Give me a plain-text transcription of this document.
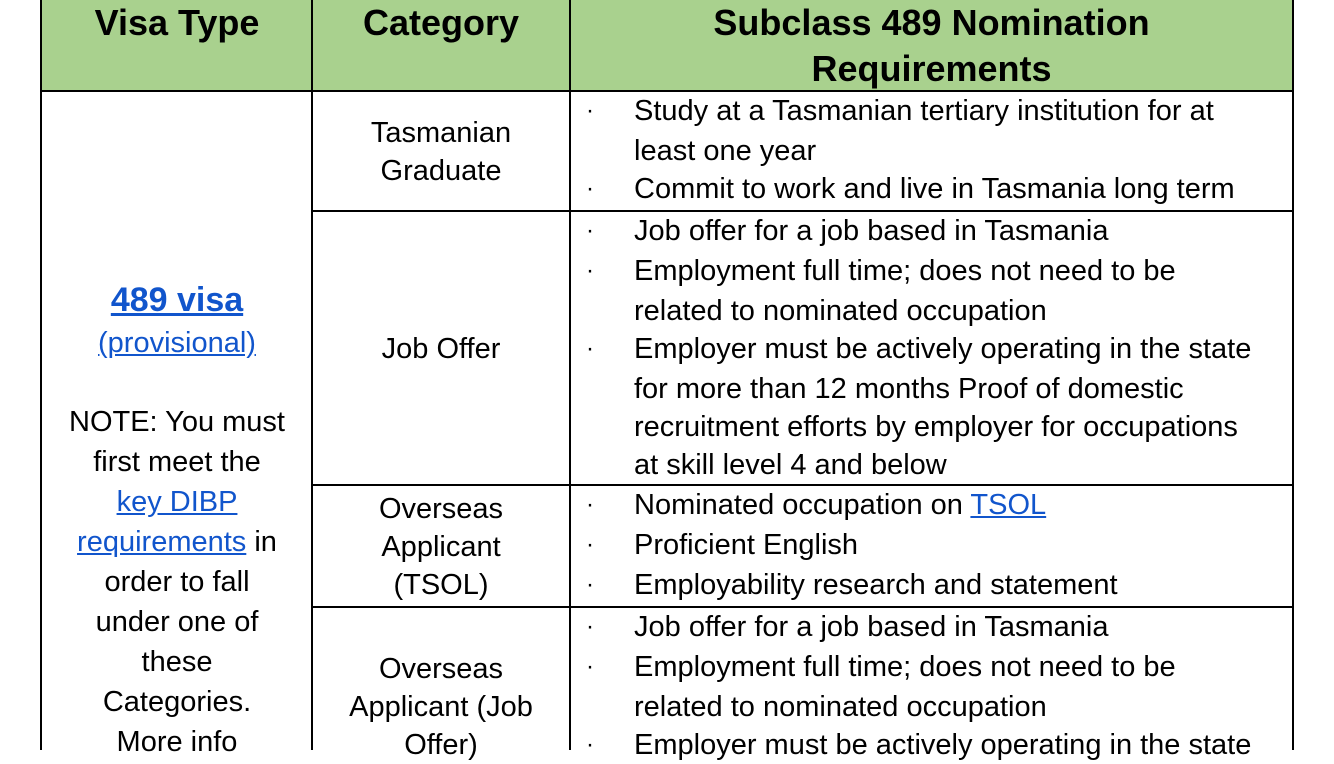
Visa Type	Category	Subclass 489 Nomination
Requirements
489 visa
(provisional)
NOTE: You must
first meet the
key DIBP
requirements in
order to fall
under one of
these
Categories.
More info
Tasmanian
Graduate
Job Offer
Overseas
Applicant
(TSOL)
Overseas
Applicant (Job
Offer)
· Study at a Tasmanian tertiary institution for at
least one year
· Commit to work and live in Tasmania long term
· Job offer for a job based in Tasmania
· Employment full time; does not need to be
related to nominated occupation
· Employer must be actively operating in the state
for more than 12 months Proof of domestic
recruitment efforts by employer for occupations
at skill level 4 and below
· Nominated occupation on TSOL
· Proficient English
· Employability research and statement
· Job offer for a job based in Tasmania
· Employment full time; does not need to be
related to nominated occupation
· Employer must be actively operating in the state
